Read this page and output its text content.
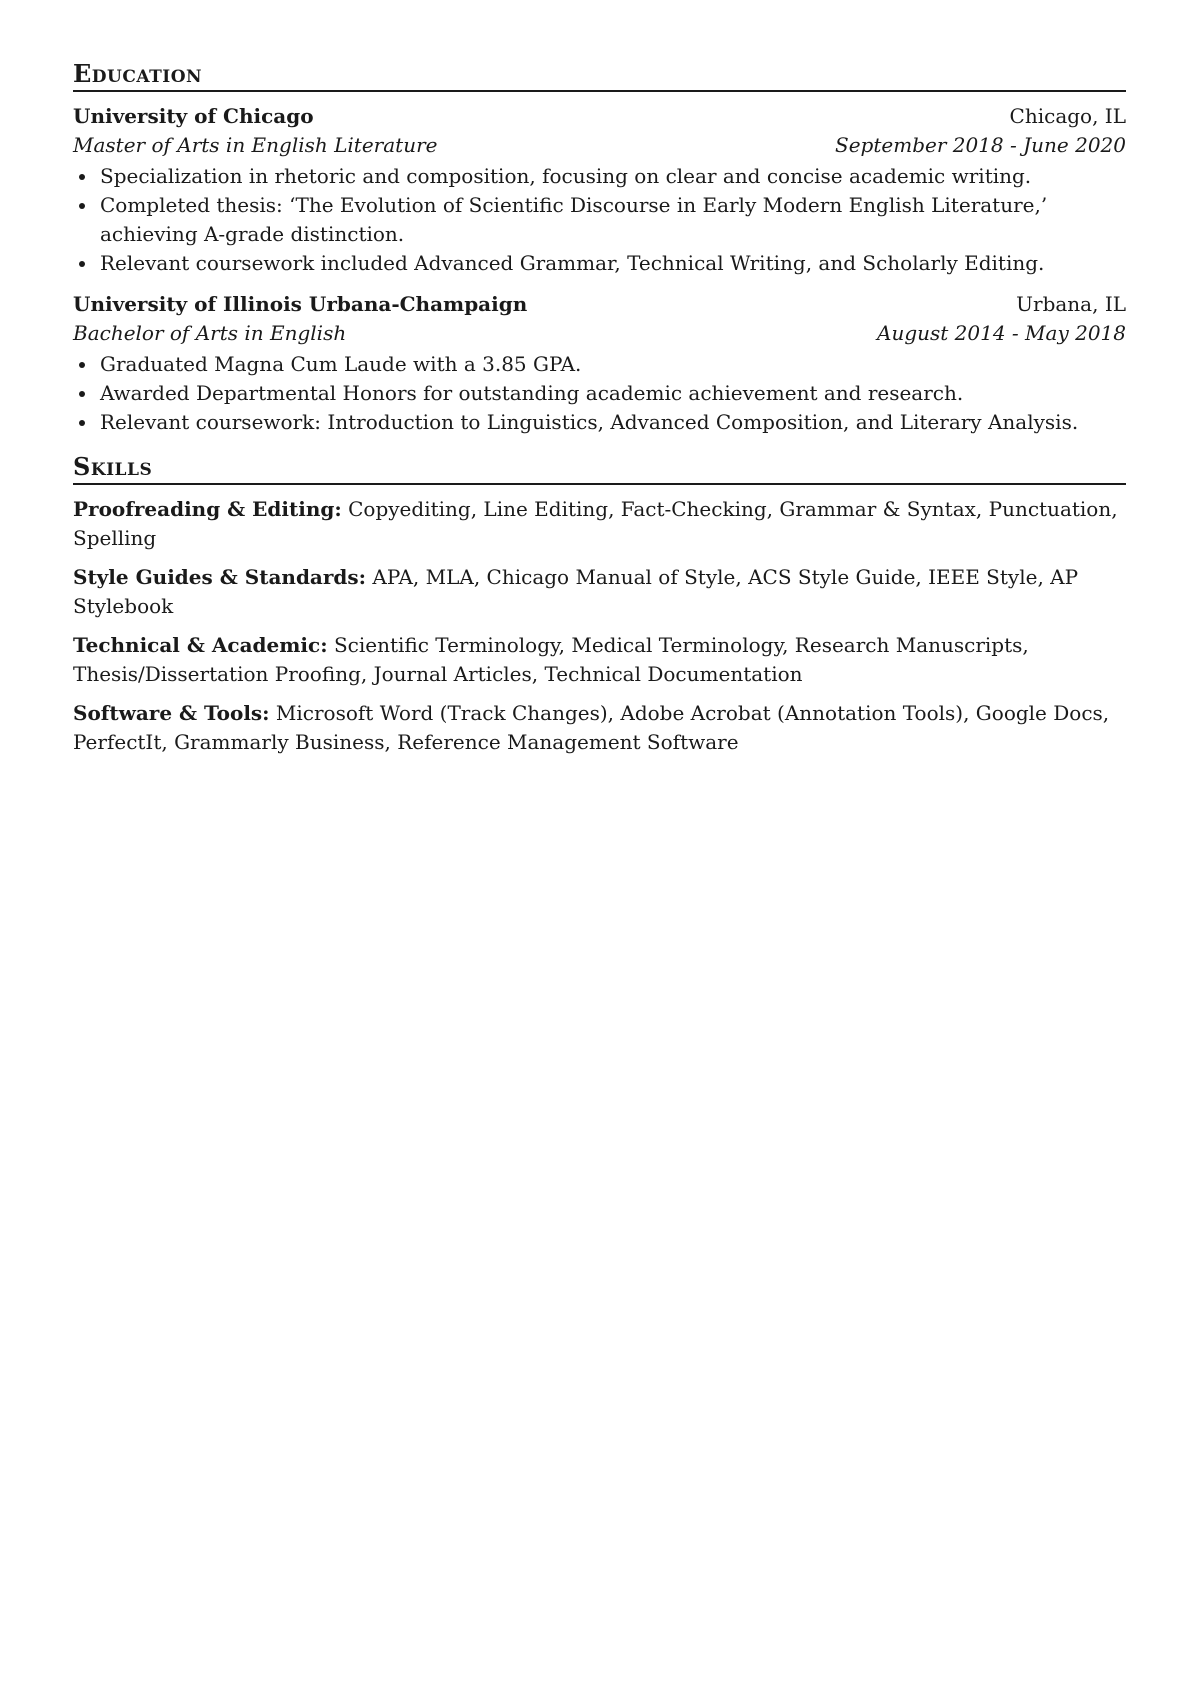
Education
University of Chicago	Chicago, IL
Master of Arts in English Literature	September 2018 - June 2020
Specialization in rhetoric and composition, focusing on clear and concise academic writing.
Completed thesis: ‘The Evolution of Scientific Discourse in Early Modern English Literature,’ achieving A-grade distinction.
Relevant coursework included Advanced Grammar, Technical Writing, and Scholarly Editing.
University of Illinois Urbana-Champaign	Urbana, IL
Bachelor of Arts in English	August 2014 - May 2018
Graduated Magna Cum Laude with a 3.85 GPA.
Awarded Departmental Honors for outstanding academic achievement and research.
Relevant coursework: Introduction to Linguistics, Advanced Composition, and Literary Analysis.
Skills
Proofreading & Editing: Copyediting, Line Editing, Fact-Checking, Grammar & Syntax, Punctuation, Spelling
Style Guides & Standards: APA, MLA, Chicago Manual of Style, ACS Style Guide, IEEE Style, AP Stylebook
Technical & Academic: Scientific Terminology, Medical Terminology, Research Manuscripts, Thesis/Dissertation Proofing, Journal Articles, Technical Documentation
Software & Tools: Microsoft Word (Track Changes), Adobe Acrobat (Annotation Tools), Google Docs, PerfectIt, Grammarly Business, Reference Management Software
